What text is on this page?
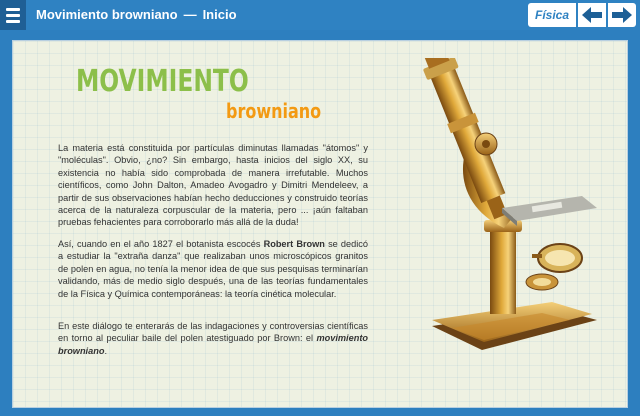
Movimiento browniano — Inicio	Física
MOVIMIENTO
browniano
La materia está constituida por partículas diminutas llamadas "átomos" y "moléculas". Obvio, ¿no? Sin embargo, hasta inicios del siglo XX, su existencia no había sido comprobada de manera irrefutable. Muchos científicos, como John Dalton, Amadeo Avogadro y Dimitri Mendeleev, a partir de sus observaciones habían hecho deducciones y construido teorías acerca de la naturaleza corpuscular de la materia, pero ... ¡aún faltaban pruebas fehacientes para corroborarlo más allá de la duda!
Así, cuando en el año 1827 el botanista escocés Robert Brown se dedicó a estudiar la "extraña danza" que realizaban unos microscópicos granitos de polen en agua, no tenía la menor idea de que sus pesquisas terminarían validando, más de medio siglo después, una de las teorías fundamentales de la Física y Química contemporáneas: la teoría cinética molecular.
En este diálogo te enterarás de las indagaciones y controversias científicas en torno al peculiar baile del polen atestiguado por Brown: el movimiento browniano.
